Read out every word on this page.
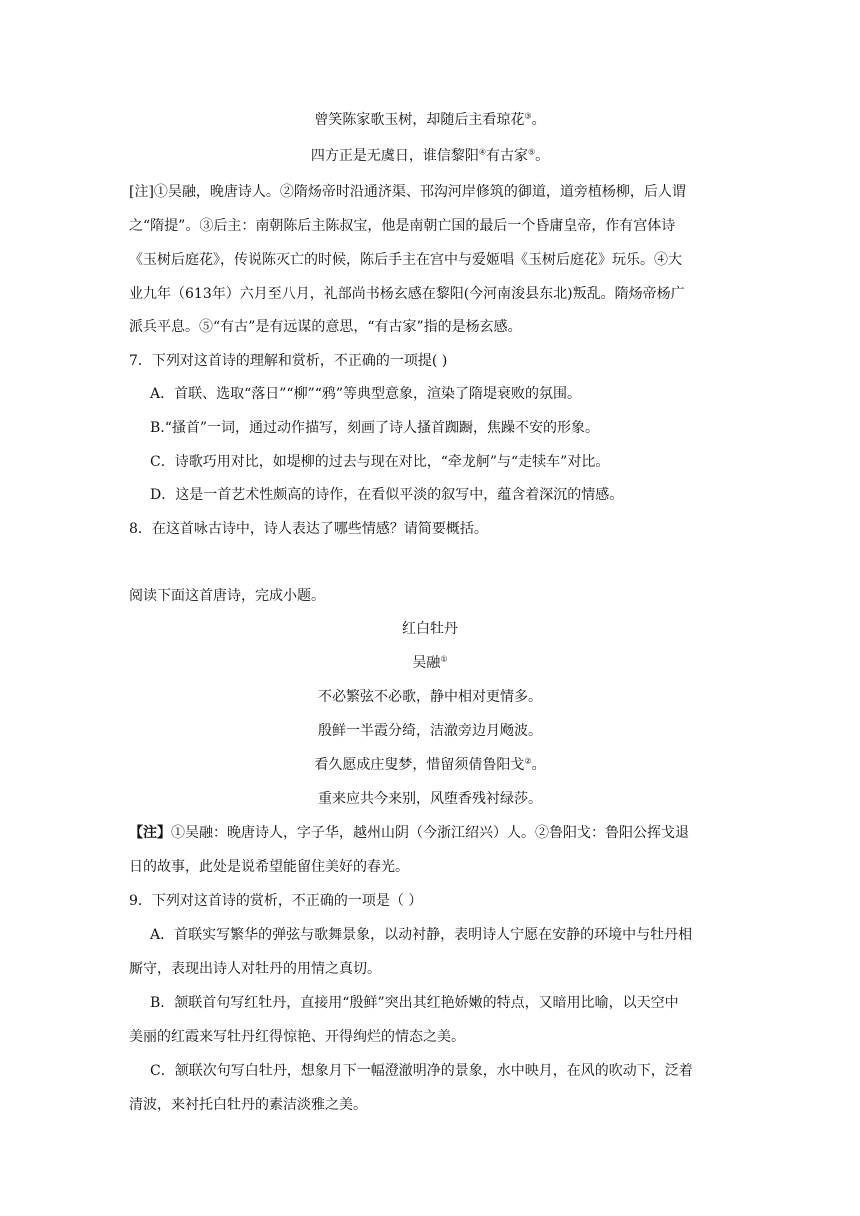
曾笑陈家歌玉树，却随后主看琼花③。
四方正是无虞日，谁信黎阳④有古家⑤。
[注]①吴融，晚唐诗人。②隋炀帝时沿通济渠、邗沟河岸修筑的御道，道旁植杨柳，后人谓
之“隋提”。③后主：南朝陈后主陈叔宝，他是南朝亡国的最后一个昏庸皇帝，作有宫体诗
《玉树后庭花》，传说陈灭亡的时候，陈后手主在宫中与爱姬唱《玉树后庭花》玩乐。④大
业九年（613年）六月至八月，礼部尚书杨玄感在黎阳(今河南浚县东北)叛乱。隋炀帝杨广
派兵平息。⑤“有古”是有远谋的意思，“有古家”指的是杨玄感。
7．下列对这首诗的理解和赏析，不正确的一项提( )
A．首联、选取“落日”“柳”“鸦”等典型意象，渲染了隋堤衰败的氛围。
B.“搔首”一词，通过动作描写，刻画了诗人搔首踟蹰，焦躁不安的形象。
C．诗歌巧用对比，如堤柳的过去与现在对比，“牵龙舸”与“走犊车”对比。
D．这是一首艺术性颇高的诗作，在看似平淡的叙写中，蕴含着深沉的情感。
8．在这首咏古诗中，诗人表达了哪些情感？请简要概括。
阅读下面这首唐诗，完成小题。
红白牡丹
吴融①
不必繁弦不必歌，静中相对更情多。
殷鲜一半霞分绮，洁澈旁边月飏波。
看久愿成庄叟梦，惜留须倩鲁阳戈②。
重来应共今来别，风堕香残衬绿莎。
【注】①吴融：晚唐诗人，字子华，越州山阴（今浙江绍兴）人。②鲁阳戈：鲁阳公挥戈退
日的故事，此处是说希望能留住美好的春光。
9．下列对这首诗的赏析，不正确的一项是（ ）
A．首联实写繁华的弹弦与歌舞景象，以动衬静，表明诗人宁愿在安静的环境中与牡丹相
厮守，表现出诗人对牡丹的用情之真切。
B．颔联首句写红牡丹，直接用“殷鲜”突出其红艳娇嫩的特点，又暗用比喻，以天空中
美丽的红霞来写牡丹红得惊艳、开得绚烂的情态之美。
C．颔联次句写白牡丹，想象月下一幅澄澈明净的景象，水中映月，在风的吹动下，泛着
清波，来衬托白牡丹的素洁淡雅之美。
